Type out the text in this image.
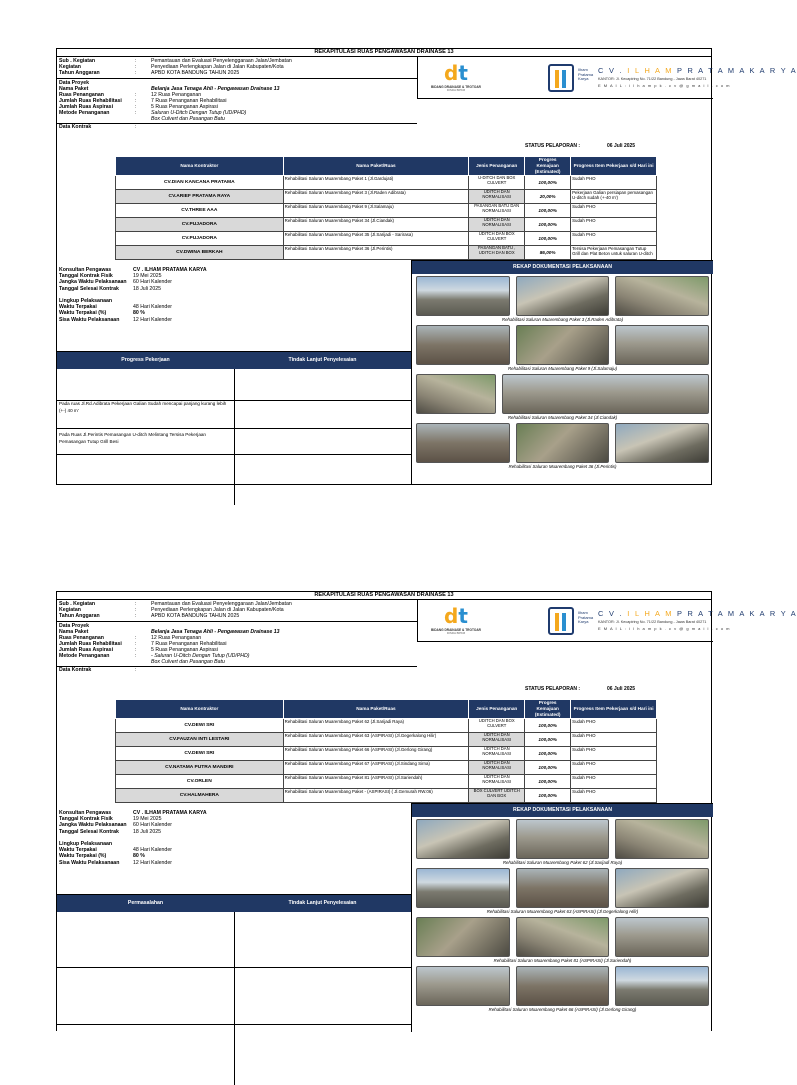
REKAPITULASI RUAS PENGAWASAN DRAINASE 13
Sub . Kegiatan	:	Pemantauan dan Evaluasi Penyelenggaraan Jalan/Jembatan
Kegiatan	:	Penyediaan Perlengkapan Jalan di Jalan Kabupaten/Kota
Tahun Anggaran	:	APBD KOTA BANDUNG TAHUN 2025
Data Proyek
Nama Paket	Belanja Jasa Tenaga Ahli - Pengawasan Drainase 13
Ruas Penanganan	:	12 Ruas Penanganan
Jumlah Ruas Rehabilitasi	:	7 Ruas Penanganan Rehabilitasi
Jumlah Ruas Aspirasi	:	5 Ruas Penanganan Aspirasi
Metode Penanganan	:	Saluran U-Ditch Dengan Tutup (UD/PHD)
Box Culvert dan Pasangan Batu
Data Kontrak	:
dt
BIDANG DRAINASE & TROTOAR
DISDA BPKM
Ilham
Pratama
Karya
C V . I L H A M P R A T A M A K A R Y A
KANTOR: Jl. Kecapiring No. 71/22 Bandung - Jawa Barat 40271
E M A I L : i l h a m p k . c v @ g m a i l . c o m
STATUS PELAPORAN :	06 Juli 2025
Nama Kontraktor	Nama Paket/Ruas	Jenis Penanganan	Progres Kemajuan (Estimated)	Progress Item Pekerjaan s/d Hari ini
CV.DIAN KANCANA PRATAMA	Rehabilitasi Saluran Muarembang Paket 1 (Jl.Gardujati)	U-DITCH DAN BOX CULVERT	100,00%	Sudah PHO
CV.ARIEF PRATAMA RAYA	Rehabilitasi Saluran Muarembang Paket 3 (Jl.Raden Adibrata)	UDITCH DAN NORMALISASI	20,00%	Pekerjaan Galian persiapan pemasangan U-ditch sudah (+-40 m')
CV.THREE AAA	Rehabilitasi Saluran Muarembang Paket 9 (Jl.Salamaju)	PASANGAN BATU DAN NORMALISASI	100,00%	Sudah PHO
CV.PUJADORA	Rehabilitasi Saluran Muarembang Paket 34 (Jl.Ciandak)	UDITCH DAN NORMALISASI	100,00%	Sudah PHO
CV.PUJADORA	Rehabilitasi Saluran Muarembang Paket 35 (Jl.Sarijadi - Sarirasa)	UDITCH DAN BOX CULVERT	100,00%	Sudah PHO
CV.DWINA BERKAH	Rehabilitasi Saluran Muarembang Paket 36 (Jl.Perintis)	PASANGAN BATU , UDITCH DAN BOX	86,00%	Tersisa Pekerjaan Pemasangan Tutup Grill dan Plat Beton untuk saluran U-ditch
Konsultan Pengawas	CV . ILHAM PRATAMA KARYA
Tanggal Kontrak Fisik	19 Mei 2025
Jangka Waktu Pelaksanaan 60 Hari Kalender
Tanggal Selesai Kontrak	18 Juli 2025
Lingkup Pelaksanaan
Waktu Terpakai	48 Hari Kalender
Waktu Terpakai (%)	80 %
Sisa Waktu Pelaksanaan	12 Hari Kalender
Progress Pekerjaan	Tindak Lanjut Penyelesaian
Pada ruas Jl.Rd.Adibrata Pekerjaan Galian Sudah mencapai panjang kurang lebih (+-) 40 m'
Pada Ruas Jl.Perintis Pemasangan U-ditch Melintang Tersisa Pekerjaan Pemasangan Tutup Grill Besi
REKAP DOKUMENTASI PELAKSANAAN
Rehabilitasi Saluran Muarembang Paket 3 (Jl.Raden Adibrata)
Rehabilitasi Saluran Muarembang Paket 9 (Jl.Salamaju)
Rehabilitasi Saluran Muarembang Paket 34 (Jl.Ciandak)
Rehabilitasi Saluran Muarembang Paket 36 (Jl.Perintis)
REKAPITULASI RUAS PENGAWASAN DRAINASE 13
Sub . Kegiatan	:	Pemantauan dan Evaluasi Penyelenggaraan Jalan/Jembatan
Kegiatan	:	Penyediaan Perlengkapan Jalan di Jalan Kabupaten/Kota
Tahun Anggaran	:	APBD KOTA BANDUNG TAHUN 2025
Data Proyek
Nama Paket	Belanja Jasa Tenaga Ahli - Pengawasan Drainase 13
Ruas Penanganan	:	12 Ruas Penanganan
Jumlah Ruas Rehabilitasi	:	7 Ruas Penanganan Rehabilitasi
Jumlah Ruas Aspirasi	:	5 Ruas Penanganan Aspirasi
Metode Penanganan	:	- Saluran U-Ditch Dengan Tutup (UD/PHD)
Box Culvert dan Pasangan Batu
Data Kontrak	:
dt
BIDANG DRAINASE & TROTOAR
DISDA BPKM
Ilham
Pratama
Karya
C V . I L H A M P R A T A M A K A R Y A
KANTOR: Jl. Kecapiring No. 71/22 Bandung - Jawa Barat 40271
E M A I L : i l h a m p k . c v @ g m a i l . c o m
STATUS PELAPORAN :	06 Juli 2025
Nama Kontraktor	Nama Paket/Ruas	Jenis Penanganan	Progres Kemajuan (Estimated)	Progress Item Pekerjaan s/d Hari ini
CV.DEWI SRI	Rehabilitasi Saluran Muarembang Paket 62 (Jl.Sarijadi Raya)	UDITCH DAN BOX CULVERT	100,00%	Sudah PHO
CV.FAUZAN INTI LESTARI	Rehabilitasi Saluran Muarembang Paket 63 (ASPIRASI) (Jl.Gegerkalong Hilir)	UDITCH DAN NORMALISASI	100,00%	Sudah PHO
CV.DEWI SRI	Rehabilitasi Saluran Muarembang Paket 66 (ASPIRASI) (Jl.Gerlong Girang)	UDITCH DAN NORMALISASI	100,00%	Sudah PHO
CV.NATAMA PUTRA MANDIRI	Rehabilitasi Saluran Muarembang Paket 67 (ASPIRASI) (Jl.Sindang Sirna)	UDITCH DAN NORMALISASI	100,00%	Sudah PHO
CV.ORLEN	Rehabilitasi Saluran Muarembang Paket 81 (ASPIRASI) (Jl.Sariendah)	UDITCH DAN NORMALISASI	100,00%	Sudah PHO
CV.HALMAHERA	Rehabilitasi Saluran Muarembang Paket - (ASPIRASI) ( Jl.Gemurah RW.06)	BOX CULVERT UDITCH DAN BOX	100,00%	Sudah PHO
Konsultan Pengawas	CV . ILHAM PRATAMA KARYA
Tanggal Kontrak Fisik	19 Mei 2025
Jangka Waktu Pelaksanaan 60 Hari Kalender
Tanggal Selesai Kontrak	18 Juli 2025
Lingkup Pelaksanaan
Waktu Terpakai	48 Hari Kalender
Waktu Terpakai (%)	80 %
Sisa Waktu Pelaksanaan	12 Hari Kalender
Permasalahan	Tindak Lanjut Penyelesaian
REKAP DOKUMENTASI PELAKSANAAN
Rehabilitasi Saluran Muarembang Paket 62 (Jl.Sarijadi Raya)
Rehabilitasi Saluran Muarembang Paket 63 (ASPIRASI) (Jl.Gegerkalong Hilir)
Rehabilitasi Saluran Muarembang Paket 81 (ASPIRASI) (Jl.Sariendah)
Rehabilitasi Saluran Muarembang Paket 66 (ASPIRASI) (Jl.Gerlong Girang)
